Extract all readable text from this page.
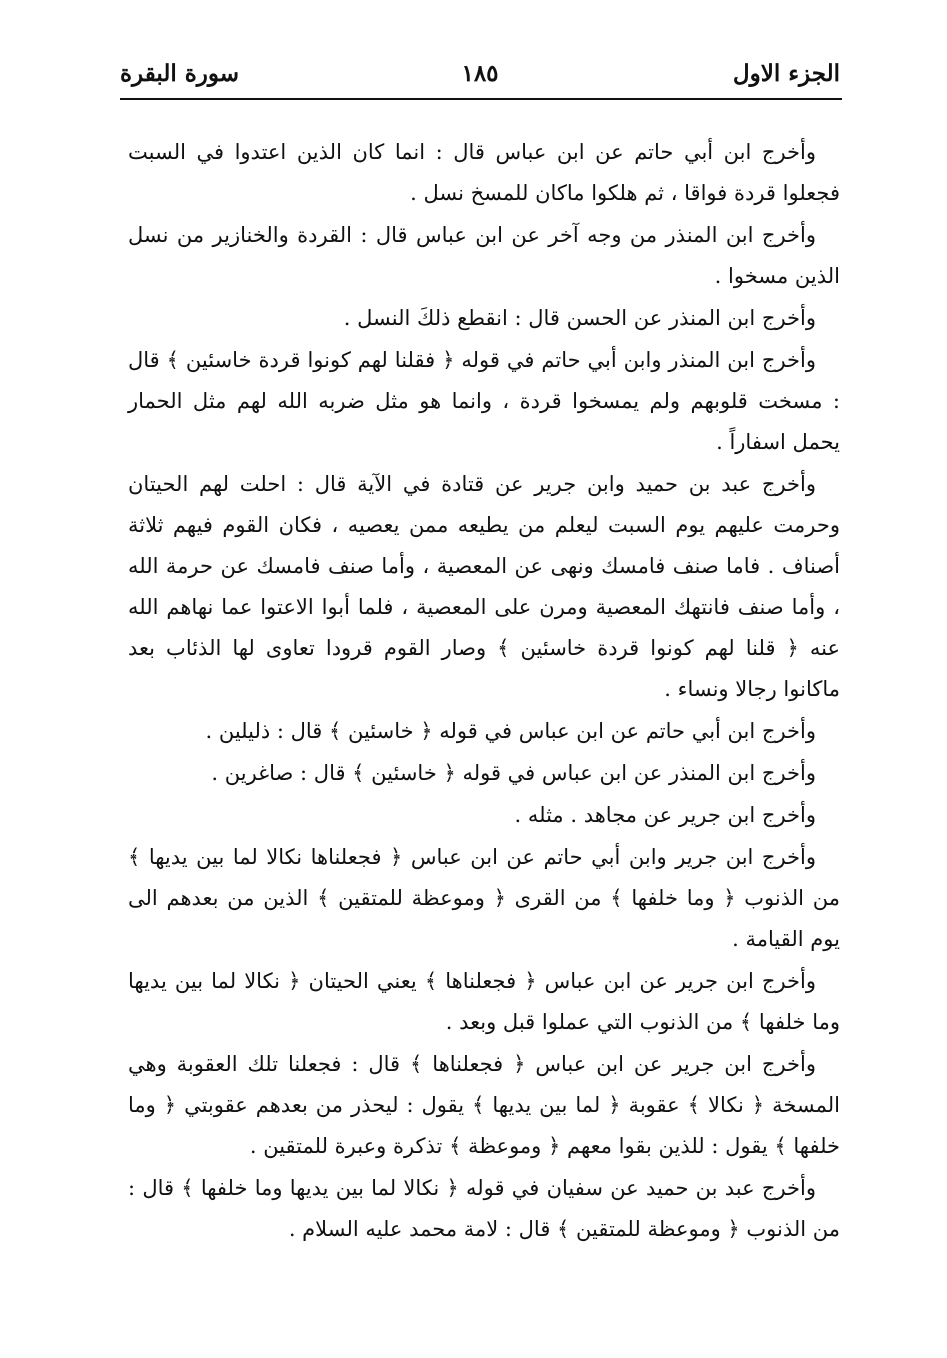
الجزء الاول
١٨٥
سورة البقرة

وأخرج ابن أبي حاتم عن ابن عباس قال : انما كان الذين اعتدوا في السبت فجعلوا قردة فواقا ، ثم هلكوا ماكان للمسخ نسل .

وأخرج ابن المنذر من وجه آخر عن ابن عباس قال : القردة والخنازير من نسل الذين مسخوا .

وأخرج ابن المنذر عن الحسن قال : انقطع ذلكَ النسل .

وأخرج ابن المنذر وابن أبي حاتم في قوله ﴿ فقلنا لهم كونوا قردة خاسئين ﴾ قال : مسخت قلوبهم ولم يمسخوا قردة ، وانما هو مثل ضربه الله لهم مثل الحمار يحمل اسفاراً .

وأخرج عبد بن حميد وابن جرير عن قتادة في الآية قال : احلت لهم الحيتان وحرمت عليهم يوم السبت ليعلم من يطيعه ممن يعصيه ، فكان القوم فيهم ثلاثة أصناف . فاما صنف فامسك ونهى عن المعصية ، وأما صنف فامسك عن حرمة الله ، وأما صنف فانتهك المعصية ومرن على المعصية ، فلما أبوا الاعتوا عما نهاهم الله عنه ﴿ قلنا لهم كونوا قردة خاسئين ﴾ وصار القوم قرودا تعاوى لها الذئاب بعد ماكانوا رجالا ونساء .

وأخرج ابن أبي حاتم عن ابن عباس في قوله ﴿ خاسئين ﴾ قال : ذليلين .

وأخرج ابن المنذر عن ابن عباس في قوله ﴿ خاسئين ﴾ قال : صاغرين .

وأخرج ابن جرير عن مجاهد . مثله .

وأخرج ابن جرير وابن أبي حاتم عن ابن عباس ﴿ فجعلناها نكالا لما بين يديها ﴾ من الذنوب ﴿ وما خلفها ﴾ من القرى ﴿ وموعظة للمتقين ﴾ الذين من بعدهم الى يوم القيامة .

وأخرج ابن جرير عن ابن عباس ﴿ فجعلناها ﴾ يعني الحيتان ﴿ نكالا لما بين يديها وما خلفها ﴾ من الذنوب التي عملوا قبل وبعد .

وأخرج ابن جرير عن ابن عباس ﴿ فجعلناها ﴾ قال : فجعلنا تلك العقوبة وهي المسخة ﴿ نكالا ﴾ عقوبة ﴿ لما بين يديها ﴾ يقول : ليحذر من بعدهم عقوبتي ﴿ وما خلفها ﴾ يقول : للذين بقوا معهم ﴿ وموعظة ﴾ تذكرة وعبرة للمتقين .

وأخرج عبد بن حميد عن سفيان في قوله ﴿ نكالا لما بين يديها وما خلفها ﴾ قال : من الذنوب ﴿ وموعظة للمتقين ﴾ قال : لامة محمد عليه السلام .
